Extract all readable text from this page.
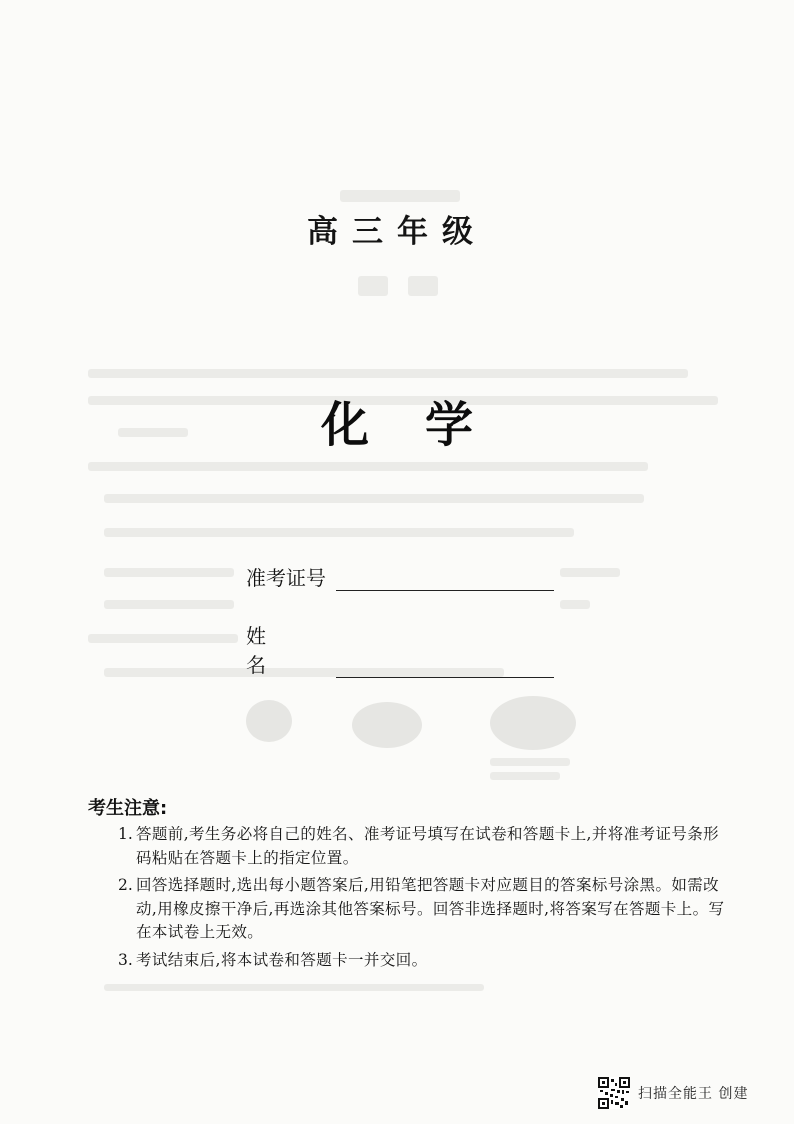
高三年级
化学
准考证号
姓名
考生注意:
1. 答题前,考生务必将自己的姓名、准考证号填写在试卷和答题卡上,并将准考证号条形码粘贴在答题卡上的指定位置。
2. 回答选择题时,选出每小题答案后,用铅笔把答题卡对应题目的答案标号涂黑。如需改动,用橡皮擦干净后,再选涂其他答案标号。回答非选择题时,将答案写在答题卡上。写在本试卷上无效。
3. 考试结束后,将本试卷和答题卡一并交回。
扫描全能王 创建
